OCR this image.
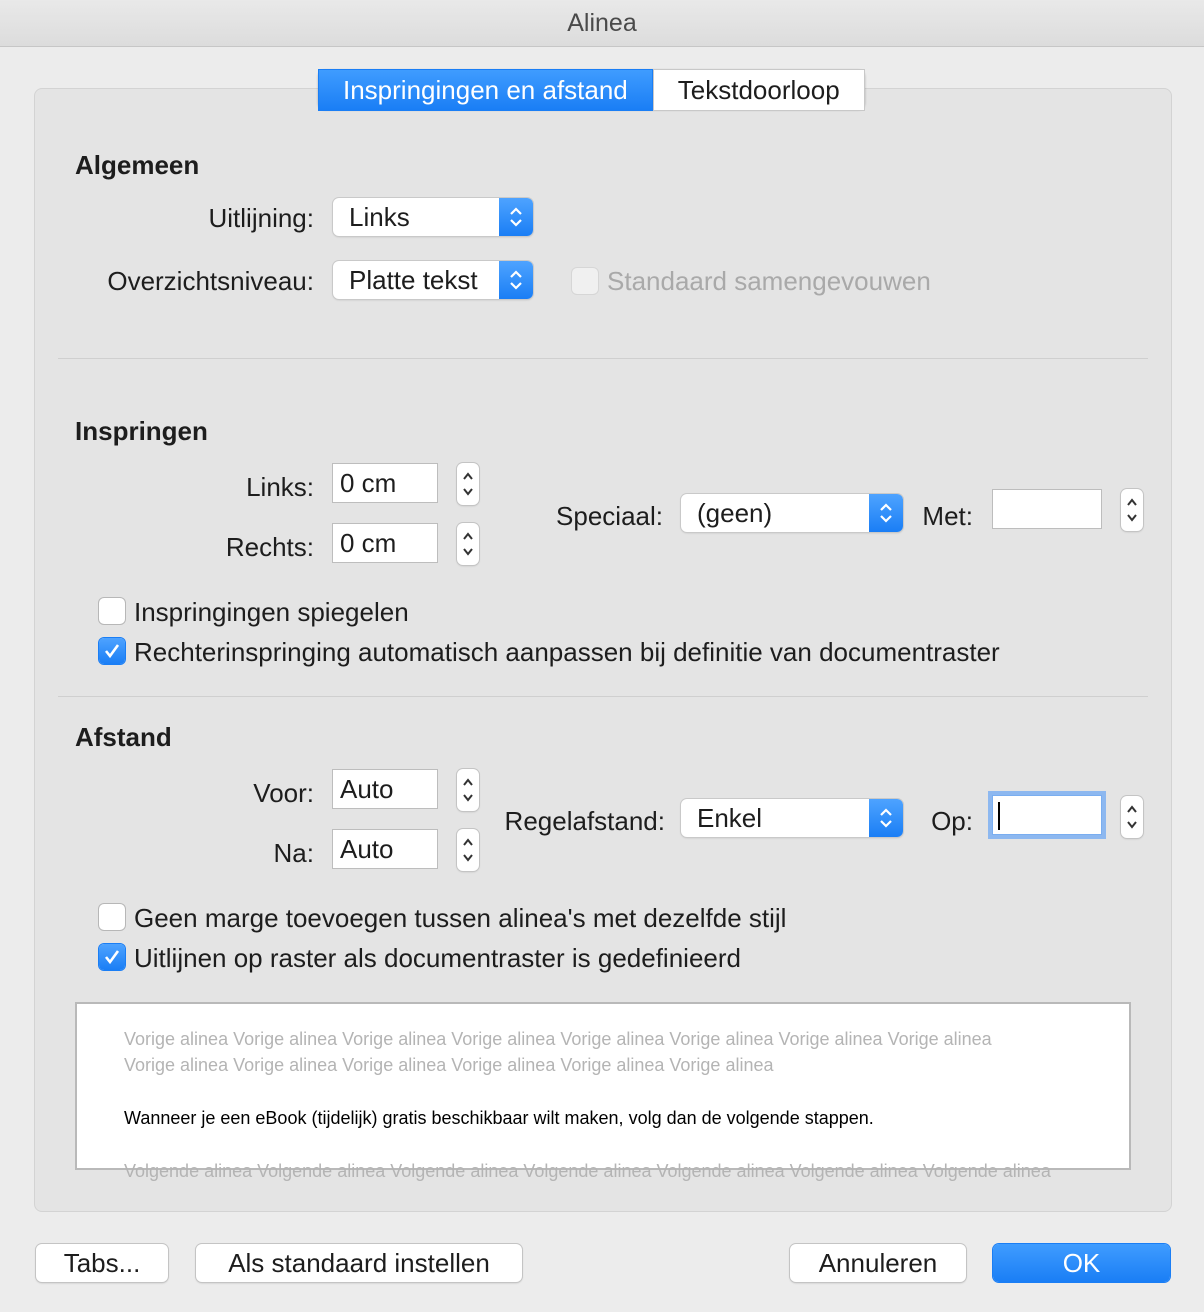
Alinea
Inspringingen en afstand	Tekstdoorloop
Algemeen
Uitlijning:	Links
Overzichtsniveau:	Platte tekst	Standaard samengevouwen
Inspringen
Links:	0 cm
Rechts:	0 cm
Speciaal:	(geen)	Met:
Inspringingen spiegelen
Rechterinspringing automatisch aanpassen bij definitie van documentraster
Afstand
Voor:	Auto
Na:	Auto
Regelafstand:	Enkel	Op:
Geen marge toevoegen tussen alinea's met dezelfde stijl
Uitlijnen op raster als documentraster is gedefinieerd
Vorige alinea Vorige alinea Vorige alinea Vorige alinea Vorige alinea Vorige alinea Vorige alinea Vorige alinea
Vorige alinea Vorige alinea Vorige alinea Vorige alinea Vorige alinea Vorige alinea
Wanneer je een eBook (tijdelijk) gratis beschikbaar wilt maken, volg dan de volgende stappen.
Volgende alinea Volgende alinea Volgende alinea Volgende alinea Volgende alinea Volgende alinea Volgende alinea
Tabs...	Als standaard instellen	Annuleren	OK
